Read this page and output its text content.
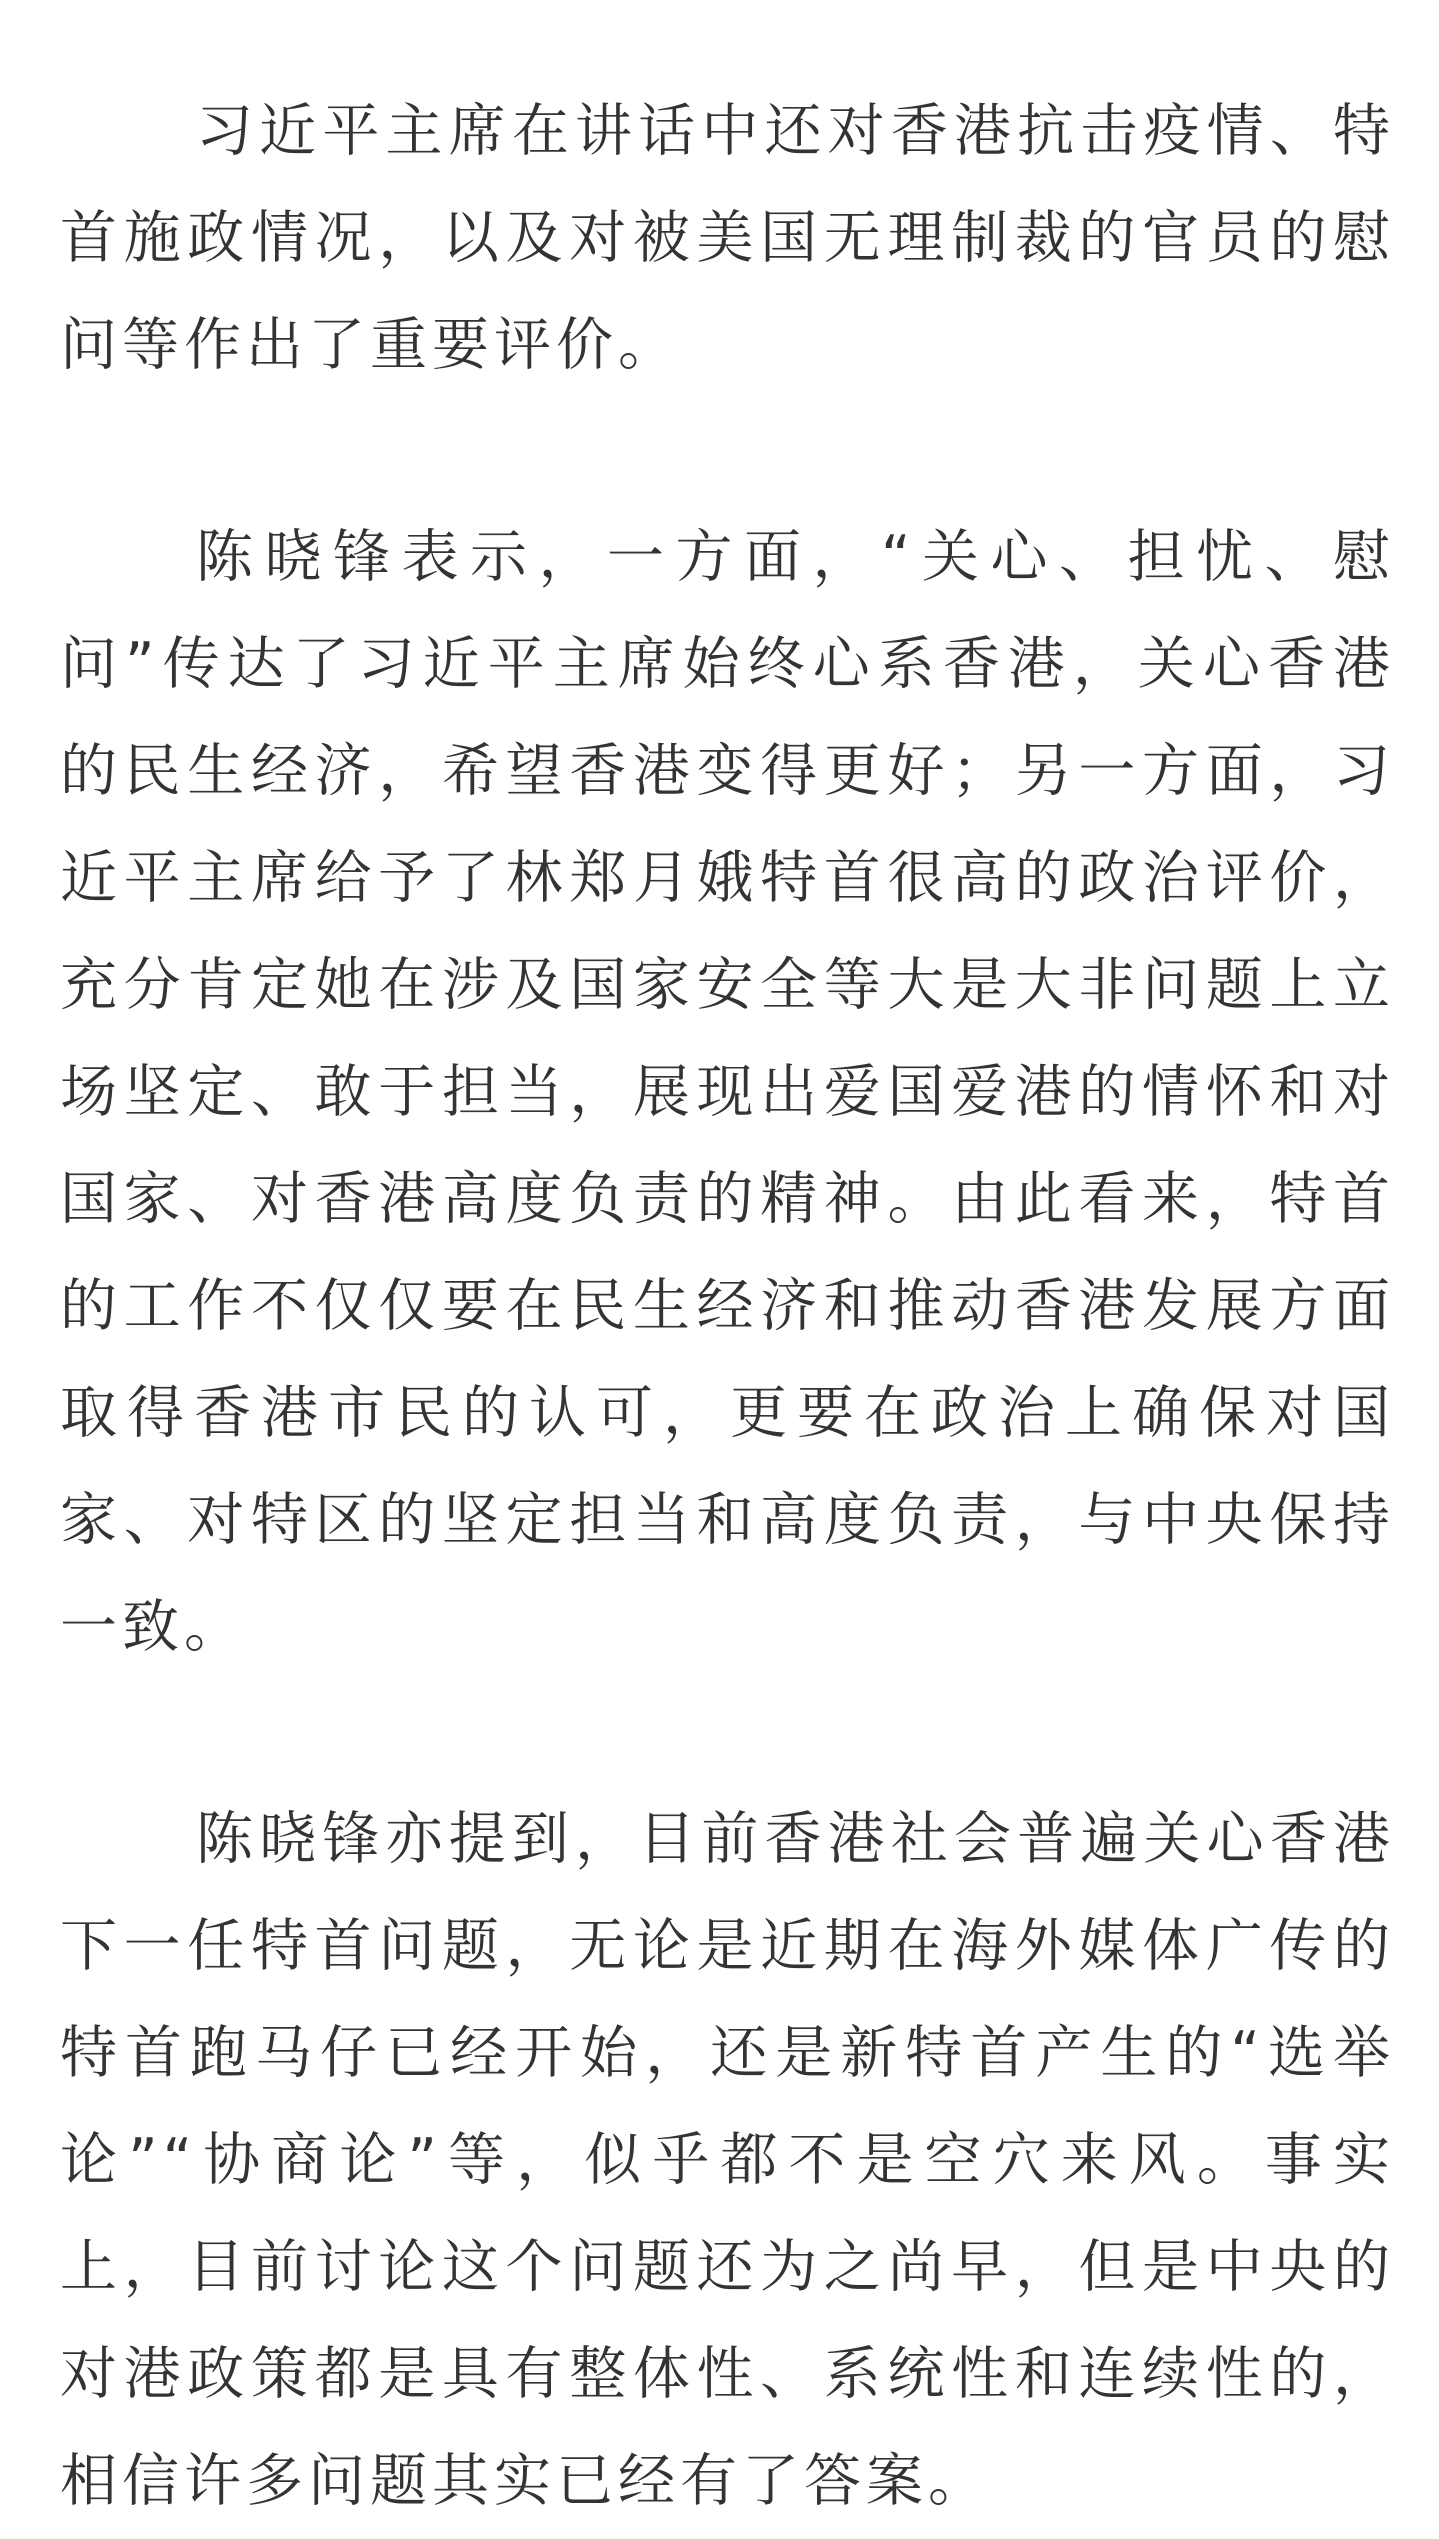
习近平主席在讲话中还对香港抗击疫情、特首施政情况，以及对被美国无理制裁的官员的慰问等作出了重要评价。

陈晓锋表示，一方面，“关心、担忧、慰问”传达了习近平主席始终心系香港，关心香港的民生经济，希望香港变得更好；另一方面，习近平主席给予了林郑月娥特首很高的政治评价，充分肯定她在涉及国家安全等大是大非问题上立场坚定、敢于担当，展现出爱国爱港的情怀和对国家、对香港高度负责的精神。由此看来，特首的工作不仅仅要在民生经济和推动香港发展方面取得香港市民的认可，更要在政治上确保对国家、对特区的坚定担当和高度负责，与中央保持一致。

陈晓锋亦提到，目前香港社会普遍关心香港下一任特首问题，无论是近期在海外媒体广传的特首跑马仔已经开始，还是新特首产生的“选举论”“协商论”等，似乎都不是空穴来风。事实上，目前讨论这个问题还为之尚早，但是中央的对港政策都是具有整体性、系统性和连续性的，相信许多问题其实已经有了答案。
